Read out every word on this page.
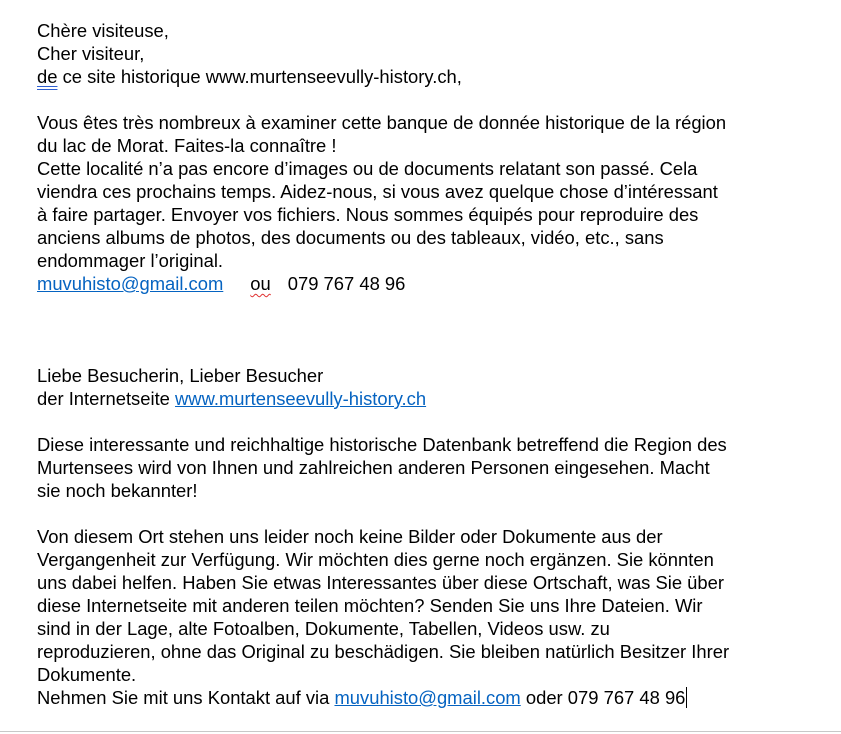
Chère visiteuse,
Cher visiteur,
de ce site historique www.murtenseevully-history.ch,
Vous êtes très nombreux à examiner cette banque de donnée historique de la région
du lac de Morat. Faites-la connaître !
Cette localité n’a pas encore d’images ou de documents relatant son passé. Cela
viendra ces prochains temps. Aidez-nous, si vous avez quelque chose d’intéressant
à faire partager. Envoyer vos fichiers. Nous sommes équipés pour reproduire des
anciens albums de photos, des documents ou des tableaux, vidéo, etc., sans
endommager l’original.
muvuhisto@gmail.com ou 079 767 48 96
Liebe Besucherin, Lieber Besucher
der Internetseite www.murtenseevully-history.ch
Diese interessante und reichhaltige historische Datenbank betreffend die Region des
Murtensees wird von Ihnen und zahlreichen anderen Personen eingesehen. Macht
sie noch bekannter!
Von diesem Ort stehen uns leider noch keine Bilder oder Dokumente aus der
Vergangenheit zur Verfügung. Wir möchten dies gerne noch ergänzen. Sie könnten
uns dabei helfen. Haben Sie etwas Interessantes über diese Ortschaft, was Sie über
diese Internetseite mit anderen teilen möchten? Senden Sie uns Ihre Dateien. Wir
sind in der Lage, alte Fotoalben, Dokumente, Tabellen, Videos usw. zu
reproduzieren, ohne das Original zu beschädigen. Sie bleiben natürlich Besitzer Ihrer
Dokumente.
Nehmen Sie mit uns Kontakt auf via muvuhisto@gmail.com oder 079 767 48 96
